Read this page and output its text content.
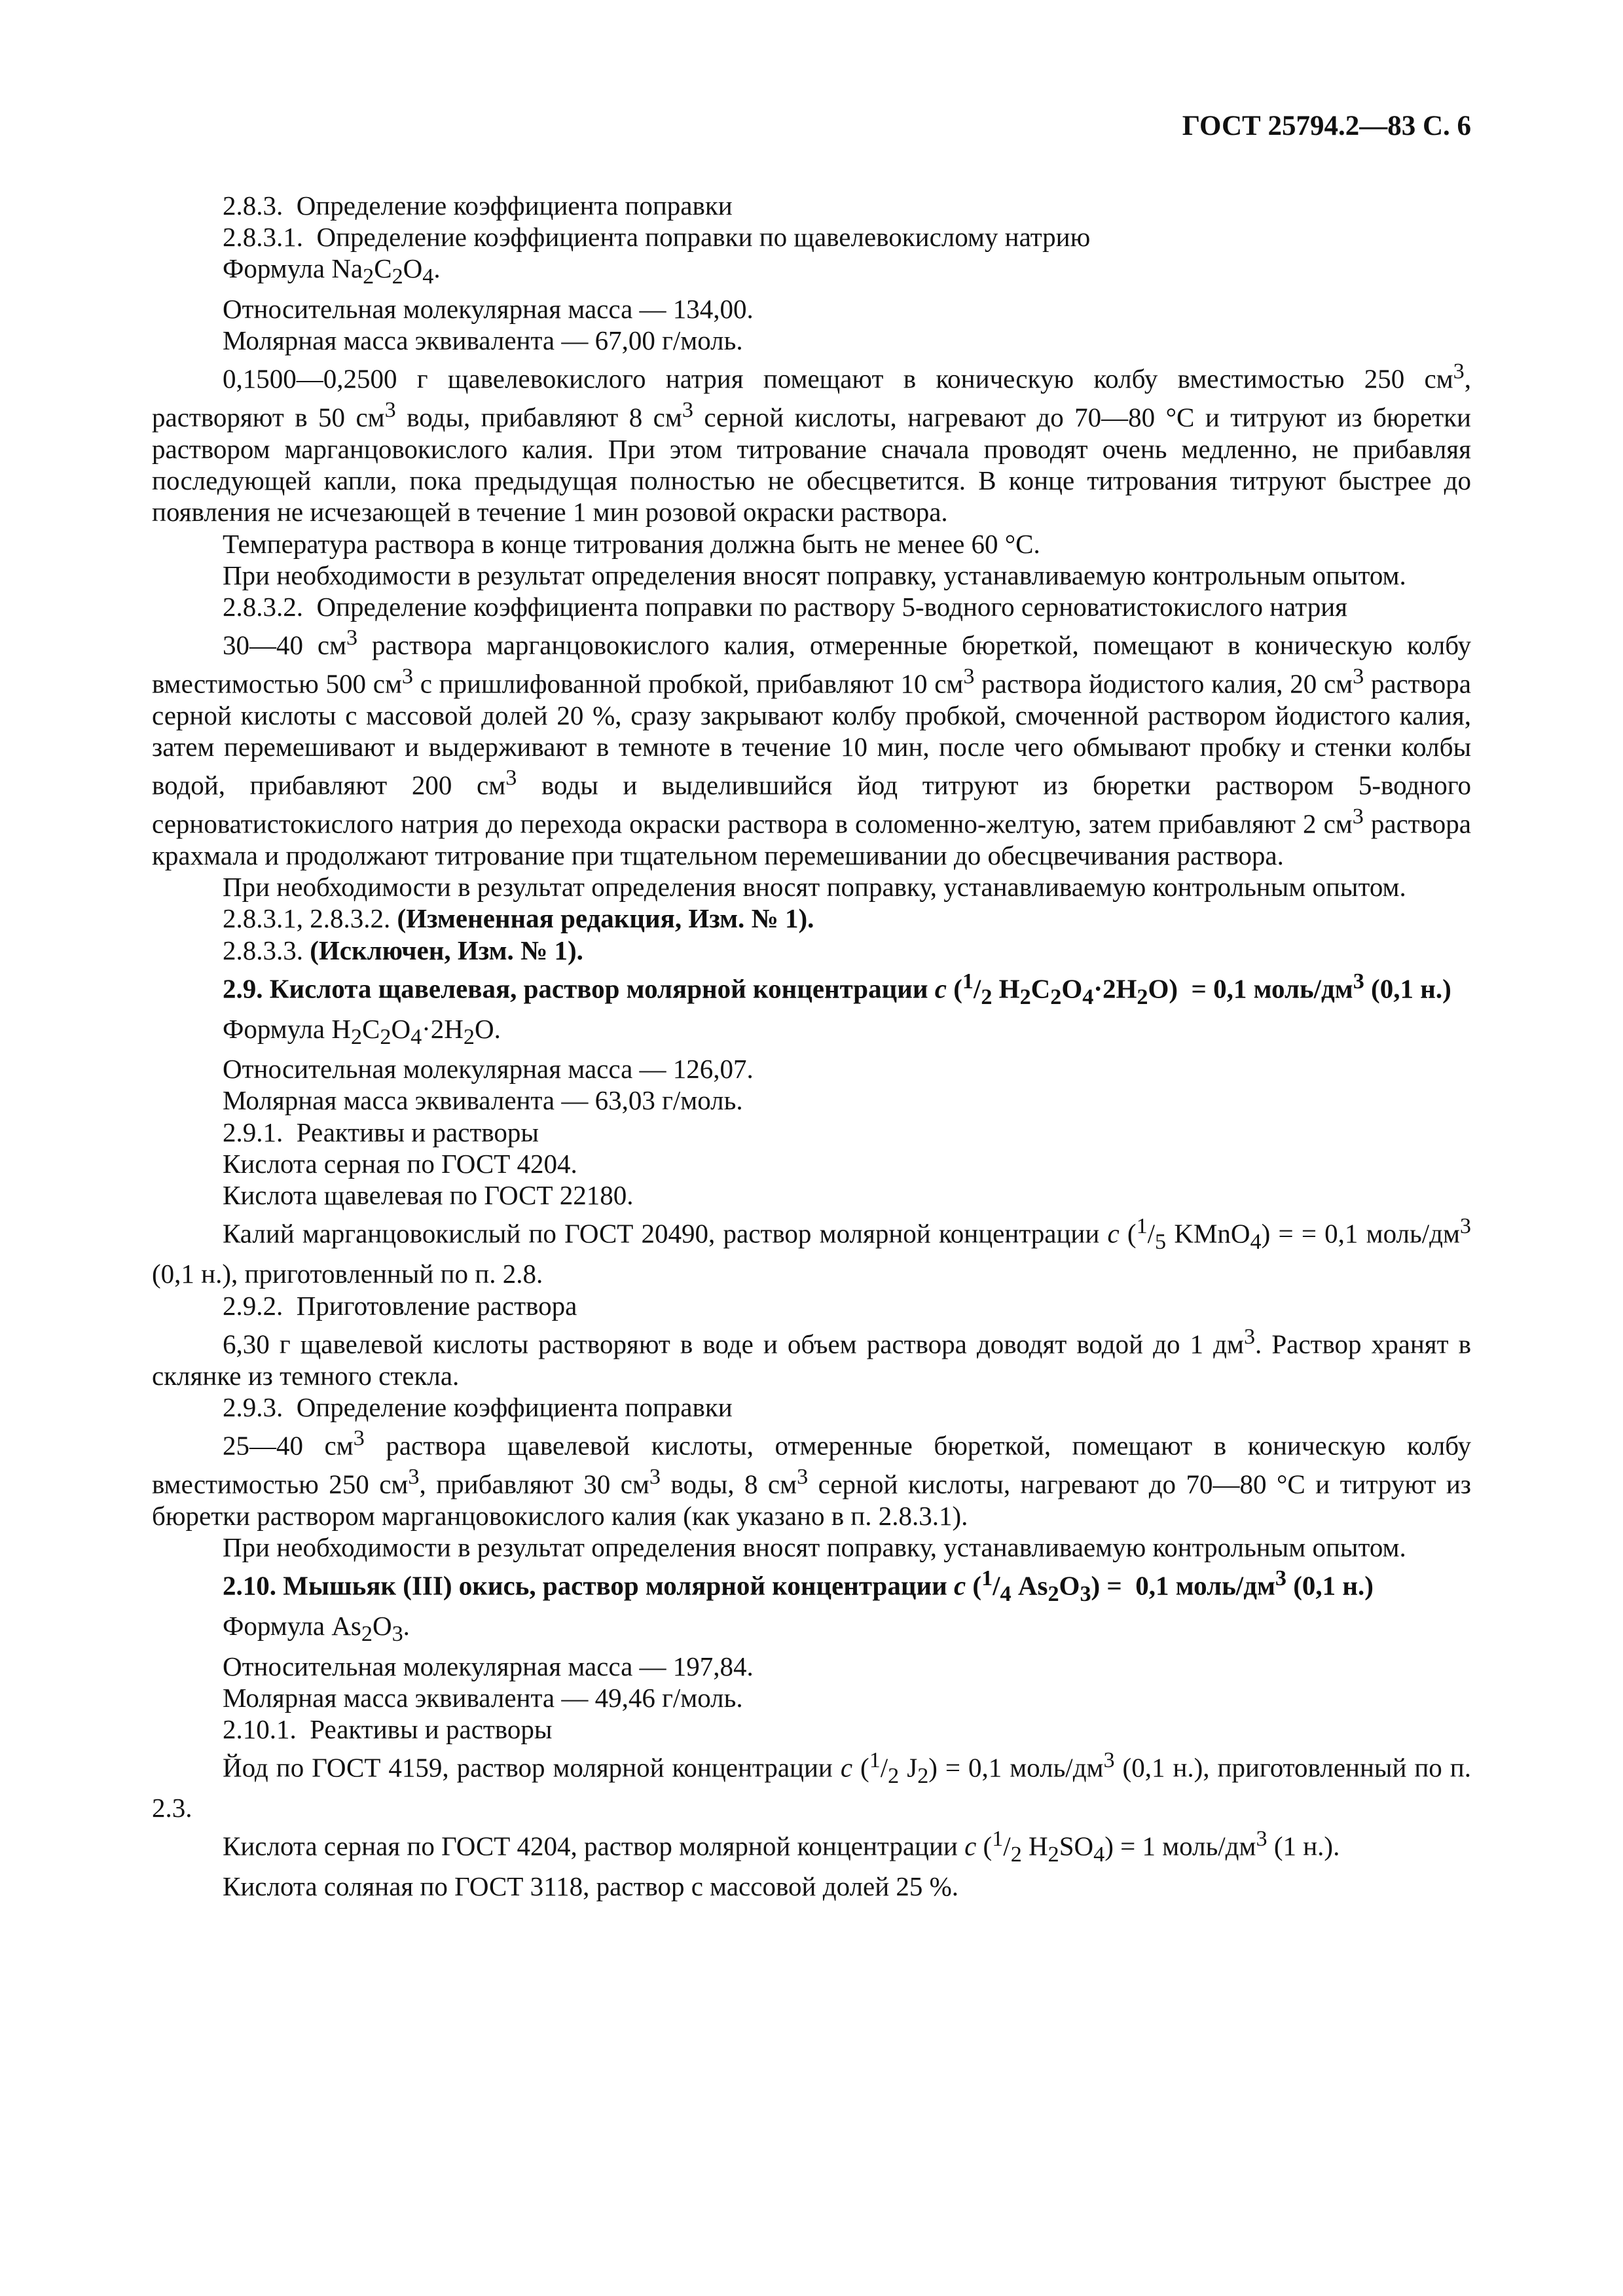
ГОСТ 25794.2—83 С. 6

2.8.3.  Определение коэффициента поправки

2.8.3.1.  Определение коэффициента поправки по щавелевокислому натрию

Формула $Na_2C_2O_4$.

Относительная молекулярная масса — 134,00.

Молярная масса эквивалента — 67,00 г/моль.

0,1500—0,2500 г щавелевокислого натрия помещают в коническую колбу вместимостью 250 $см^3$, растворяют в 50 $см^3$ воды, прибавляют 8 $см^3$ серной кислоты, нагревают до 70—80 °С и титруют из бюретки раствором марганцовокислого калия. При этом титрование сначала проводят очень медленно, не прибавляя последующей капли, пока предыдущая полностью не обесцветится. В конце титрования титруют быстрее до появления не исчезающей в течение 1 мин розовой окраски раствора.

Температура раствора в конце титрования должна быть не менее 60 °С.

При необходимости в результат определения вносят поправку, устанавливаемую контрольным опытом.

2.8.3.2.  Определение коэффициента поправки по раствору 5-водного серноватистокислого натрия

30—40 $см^3$ раствора марганцовокислого калия, отмеренные бюреткой, помещают в коническую колбу вместимостью 500 $см^3$ с пришлифованной пробкой, прибавляют 10 $см^3$ раствора йодистого калия, 20 $см^3$ раствора серной кислоты с массовой долей 20 %, сразу закрывают колбу пробкой, смоченной раствором йодистого калия, затем перемешивают и выдерживают в темноте в течение 10 мин, после чего обмывают пробку и стенки колбы водой, прибавляют 200 $см^3$ воды и выделившийся йод титруют из бюретки раствором 5-водного серноватистокислого натрия до перехода окраски раствора в соломенно-желтую, затем прибавляют 2 $см^3$ раствора крахмала и продолжают титрование при тщательном перемешивании до обесцвечивания раствора.

При необходимости в результат определения вносят поправку, устанавливаемую контрольным опытом.

2.8.3.1, 2.8.3.2. (Измененная редакция, Изм. № 1).

2.8.3.3. (Исключен, Изм. № 1).

2.9. Кислота щавелевая, раствор молярной концентрации с ($^1/_2$ $H_2C_2O_4\cdot 2H_2O) = 0,1$ моль/$дм^3$ (0,1 н.)

Формула $H_2C_2O_4\cdot 2H_2O$.

Относительная молекулярная масса — 126,07.

Молярная масса эквивалента — 63,03 г/моль.

2.9.1.  Реактивы и растворы

Кислота серная по ГОСТ 4204.

Кислота щавелевая по ГОСТ 22180.

Калий марганцовокислый по ГОСТ 20490, раствор молярной концентрации с ($^1/_5$ KMnO$_4$) = = 0,1 моль/$дм^3$ (0,1 н.), приготовленный по п. 2.8.

2.9.2.  Приготовление раствора

6,30 г щавелевой кислоты растворяют в воде и объем раствора доводят водой до 1 $дм^3$. Раствор хранят в склянке из темного стекла.

2.9.3.  Определение коэффициента поправки

25—40 $см^3$ раствора щавелевой кислоты, отмеренные бюреткой, помещают в коническую колбу вместимостью 250 $см^3$, прибавляют 30 $см^3$ воды, 8 $см^3$ серной кислоты, нагревают до 70—80 °С и титруют из бюретки раствором марганцовокислого калия (как указано в п. 2.8.3.1).

При необходимости в результат определения вносят поправку, устанавливаемую контрольным опытом.

2.10. Мышьяк (III) окись, раствор молярной концентрации с ($^1/_4$ $As_2O_3) = 0,1$ моль/$дм^3$ (0,1 н.)

Формула $As_2O_3$.

Относительная молекулярная масса — 197,84.

Молярная масса эквивалента — 49,46 г/моль.

2.10.1.  Реактивы и растворы

Йод по ГОСТ 4159, раствор молярной концентрации с ($^1/_2$ $J_2) = 0,1$ моль/$дм^3$ (0,1 н.), приготовленный по п. 2.3.

Кислота серная по ГОСТ 4204, раствор молярной концентрации с ($^1/_2$ $H_2SO_4) = 1$ моль/$дм^3$ (1 н.).

Кислота соляная по ГОСТ 3118, раствор с массовой долей 25 %.
